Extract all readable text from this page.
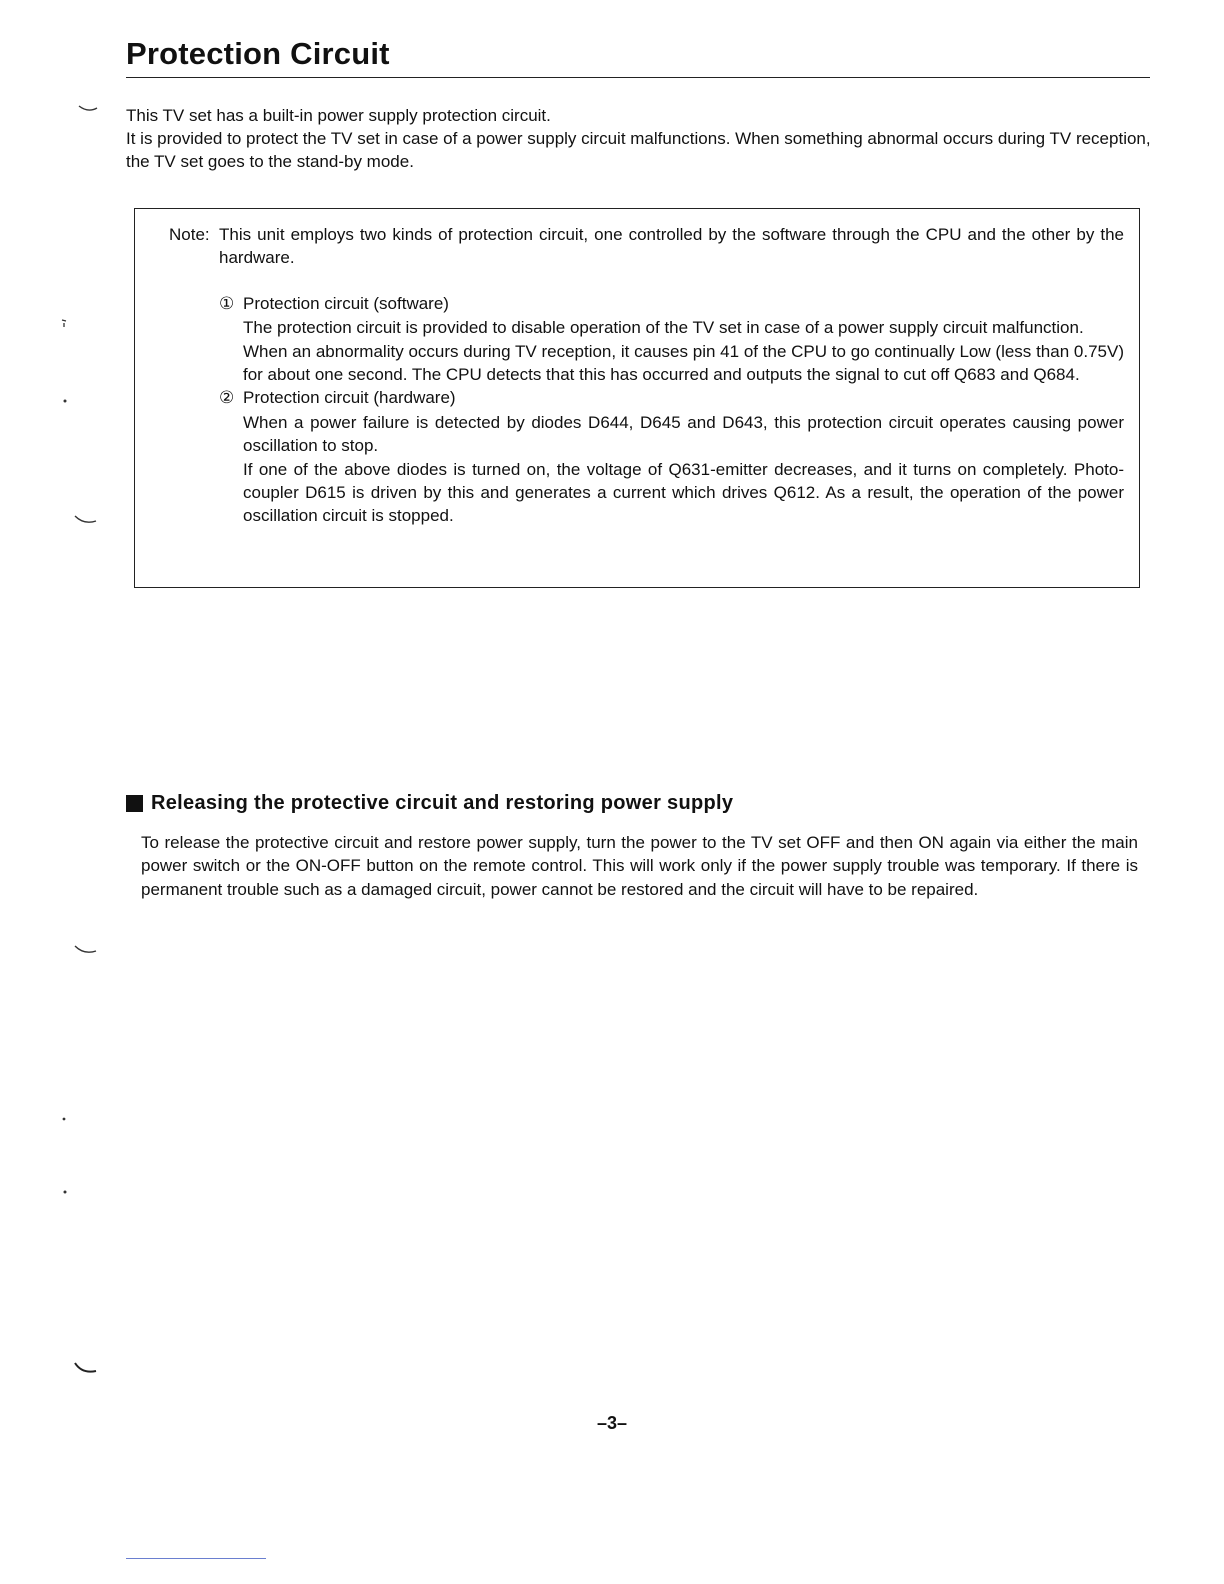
Protection Circuit

This TV set has a built-in power supply protection circuit.

It is provided to protect the TV set in case of a power supply circuit malfunctions. When something abnormal occurs during TV reception, the TV set goes to the stand-by mode.

Note: This unit employs two kinds of protection circuit, one controlled by the software through the CPU and the other by the hardware.

① Protection circuit (software)

The protection circuit is provided to disable operation of the TV set in case of a power supply circuit malfunction.

When an abnormality occurs during TV reception, it causes pin 41 of the CPU to go continually Low (less than 0.75V) for about one second. The CPU detects that this has occurred and outputs the signal to cut off Q683 and Q684.

② Protection circuit (hardware)

When a power failure is detected by diodes D644, D645 and D643, this protection circuit operates causing power oscillation to stop.

If one of the above diodes is turned on, the voltage of Q631-emitter decreases, and it turns on completely. Photo-coupler D615 is driven by this and generates a current which drives Q612. As a result, the operation of the power oscillation circuit is stopped.

Releasing the protective circuit and restoring power supply

To release the protective circuit and restore power supply, turn the power to the TV set OFF and then ON again via either the main power switch or the ON-OFF button on the remote control. This will work only if the power supply trouble was temporary. If there is permanent trouble such as a damaged circuit, power cannot be restored and the circuit will have to be repaired.

–3–
